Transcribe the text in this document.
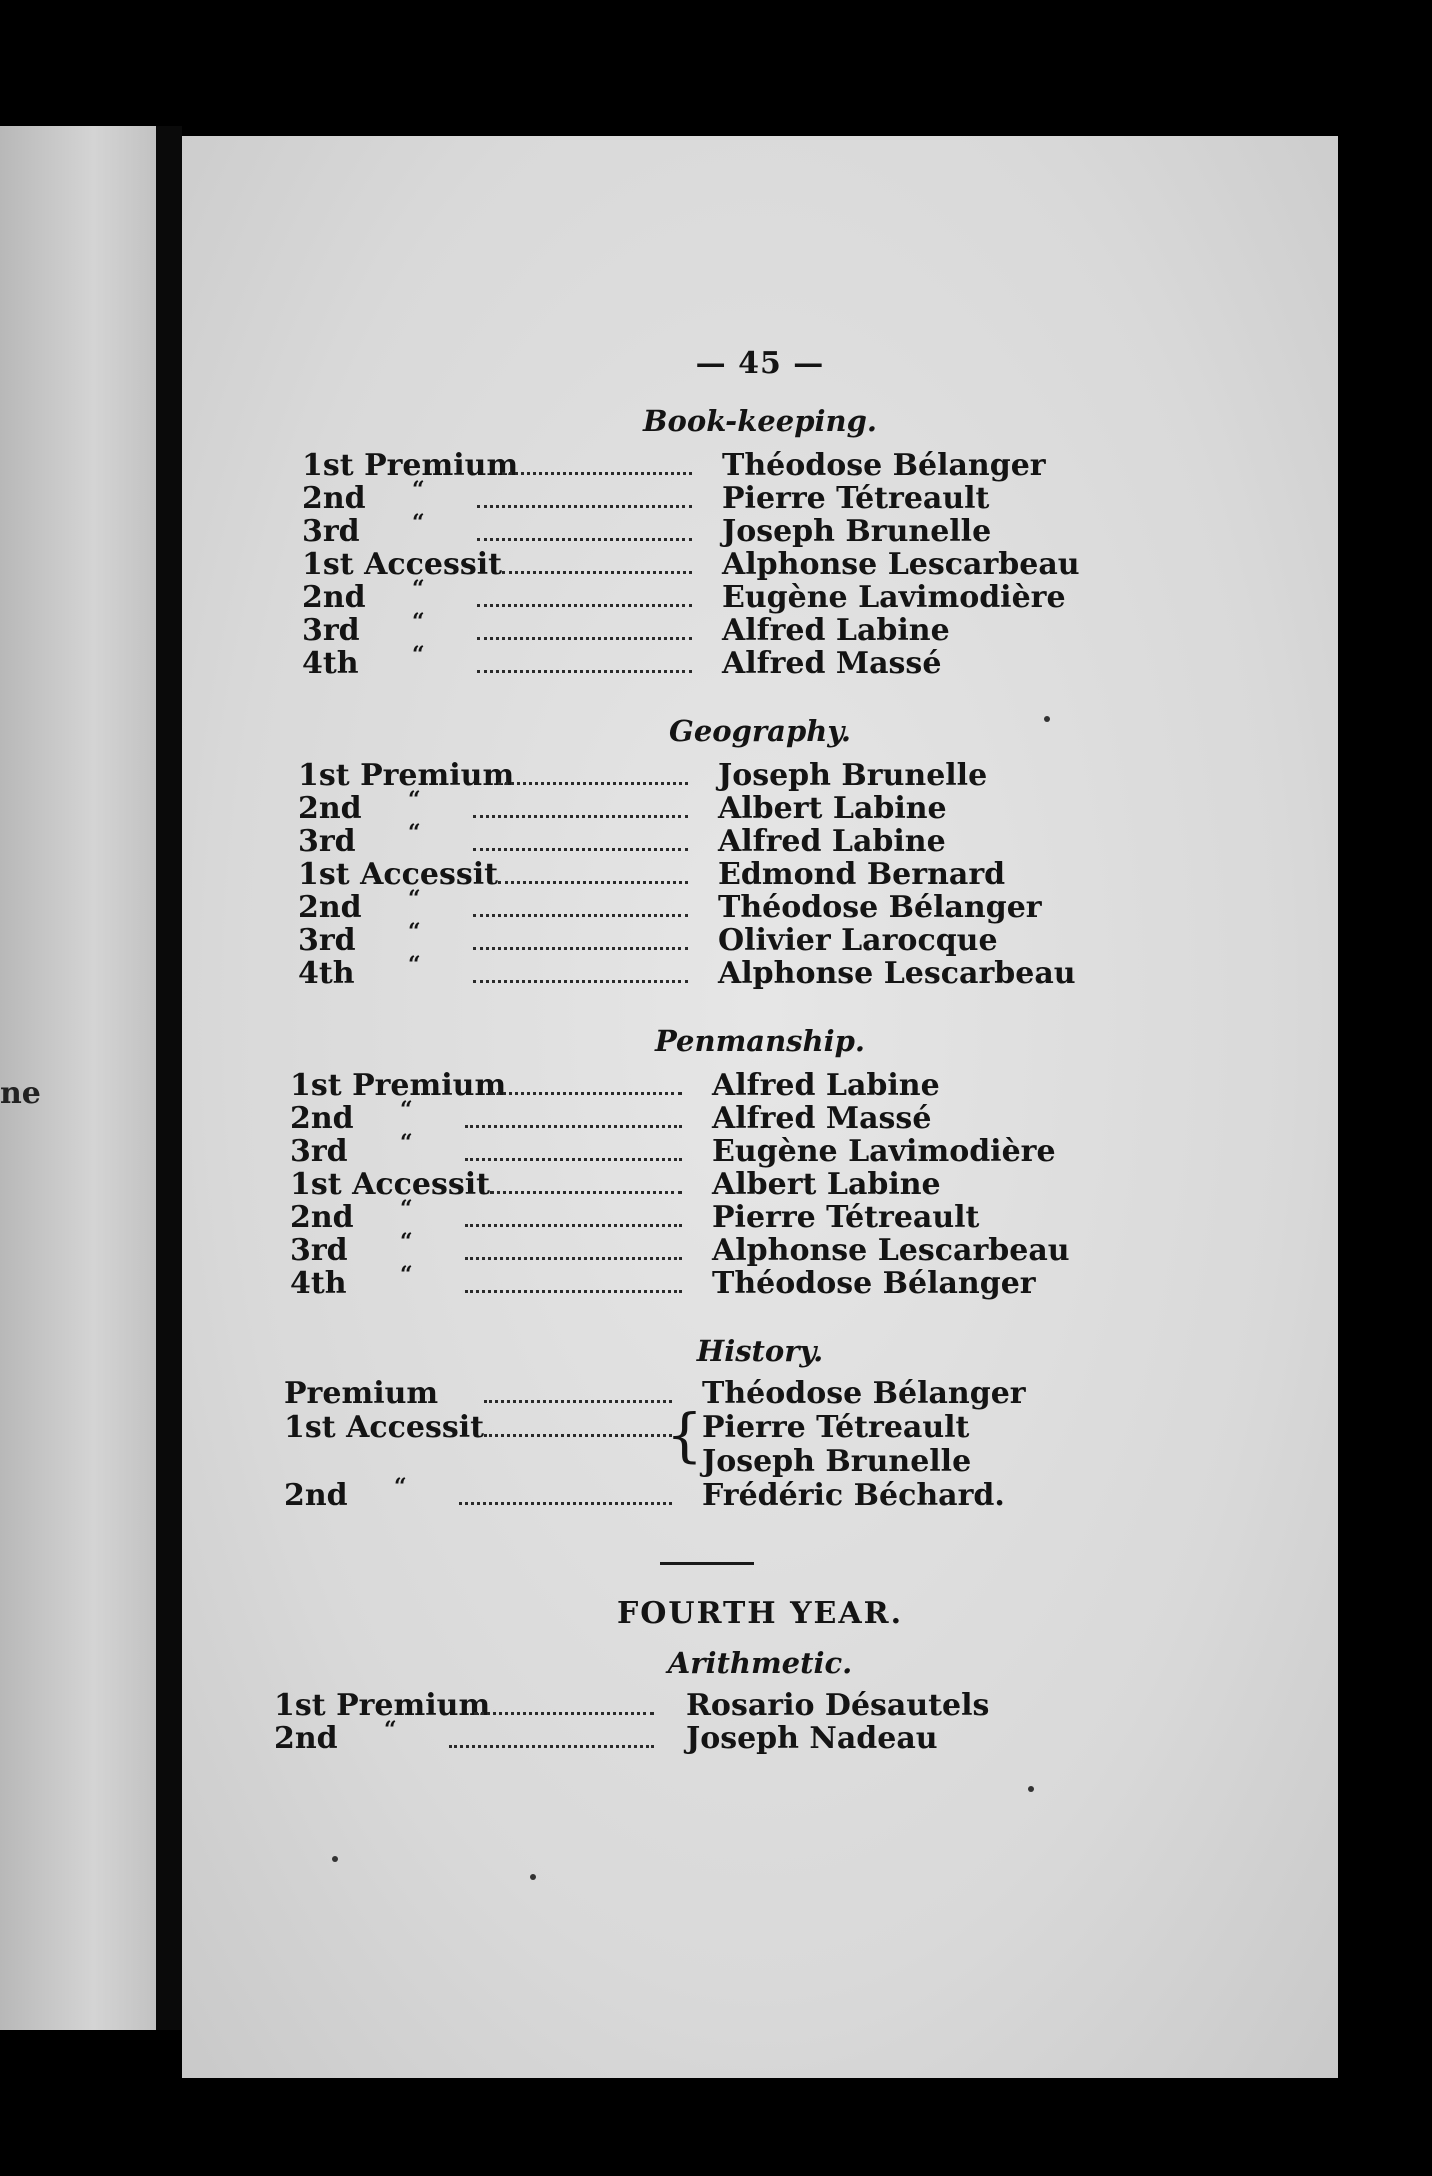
ne
— 45 —
Book-keeping.
1st Premium	Théodose Bélanger
2nd “	Pierre Tétreault
3rd “	Joseph Brunelle
1st Accessit	Alphonse Lescarbeau
2nd “	Eugène Lavimodière
3rd “	Alfred Labine
4th “	Alfred Massé
Geography.
1st Premium	Joseph Brunelle
2nd “	Albert Labine
3rd “	Alfred Labine
1st Accessit	Edmond Bernard
2nd “	Théodose Bélanger
3rd “	Olivier Larocque
4th “	Alphonse Lescarbeau
Penmanship.
1st Premium	Alfred Labine
2nd “	Alfred Massé
3rd “	Eugène Lavimodière
1st Accessit	Albert Labine
2nd “	Pierre Tétreault
3rd “	Alphonse Lescarbeau
4th “	Théodose Bélanger
History.
Premium	Théodose Bélanger
1st Accessit	Pierre Tétreault
Joseph Brunelle
2nd “	Frédéric Béchard.
{
FOURTH YEAR.
Arithmetic.
1st Premium	Rosario Désautels
2nd “	Joseph Nadeau
